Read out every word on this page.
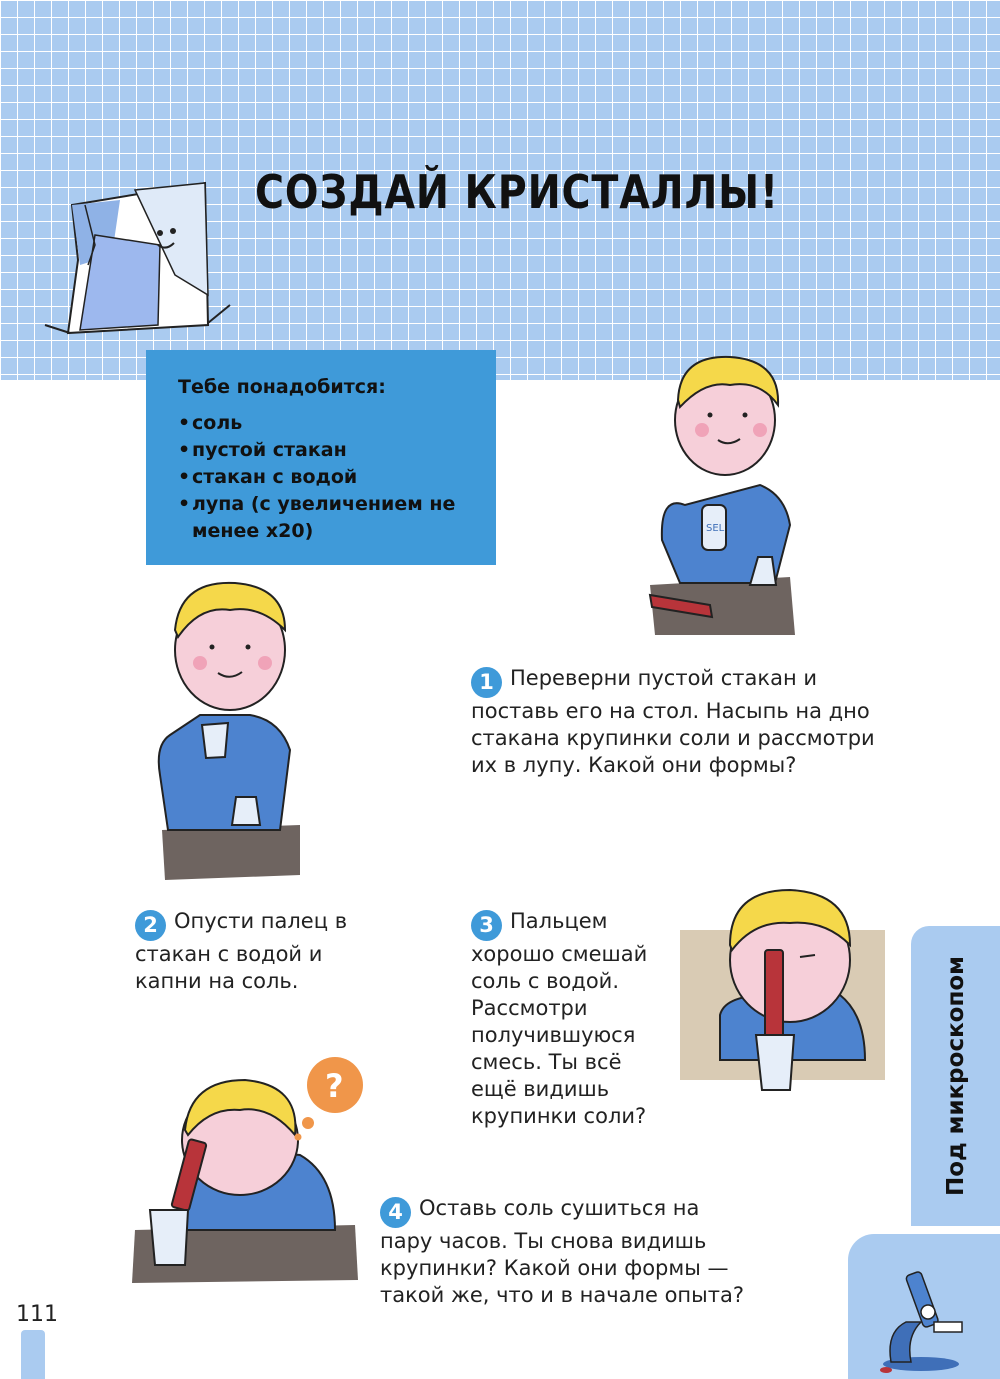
СОЗДАЙ КРИСТАЛЛЫ!
Тебе понадобится:
• соль
• пустой стакан
• стакан с водой
• лупа (с увеличением не менее х20)	SEL
1 Переверни пустой стакан и поставь его на стол. Насыпь на дно стакана крупинки соли и рассмотри их в лупу. Какой они формы?
2 Опусти палец в стакан с водой и капни на соль.
3 Пальцем хорошо смешай соль с водой. Рассмотри получившуюся смесь. Ты всё ещё видишь крупинки соли?
?
4 Оставь соль сушиться на пару часов. Ты снова видишь крупинки? Какой они формы — такой же, что и в начале опыта?
Под микроскопом
111
